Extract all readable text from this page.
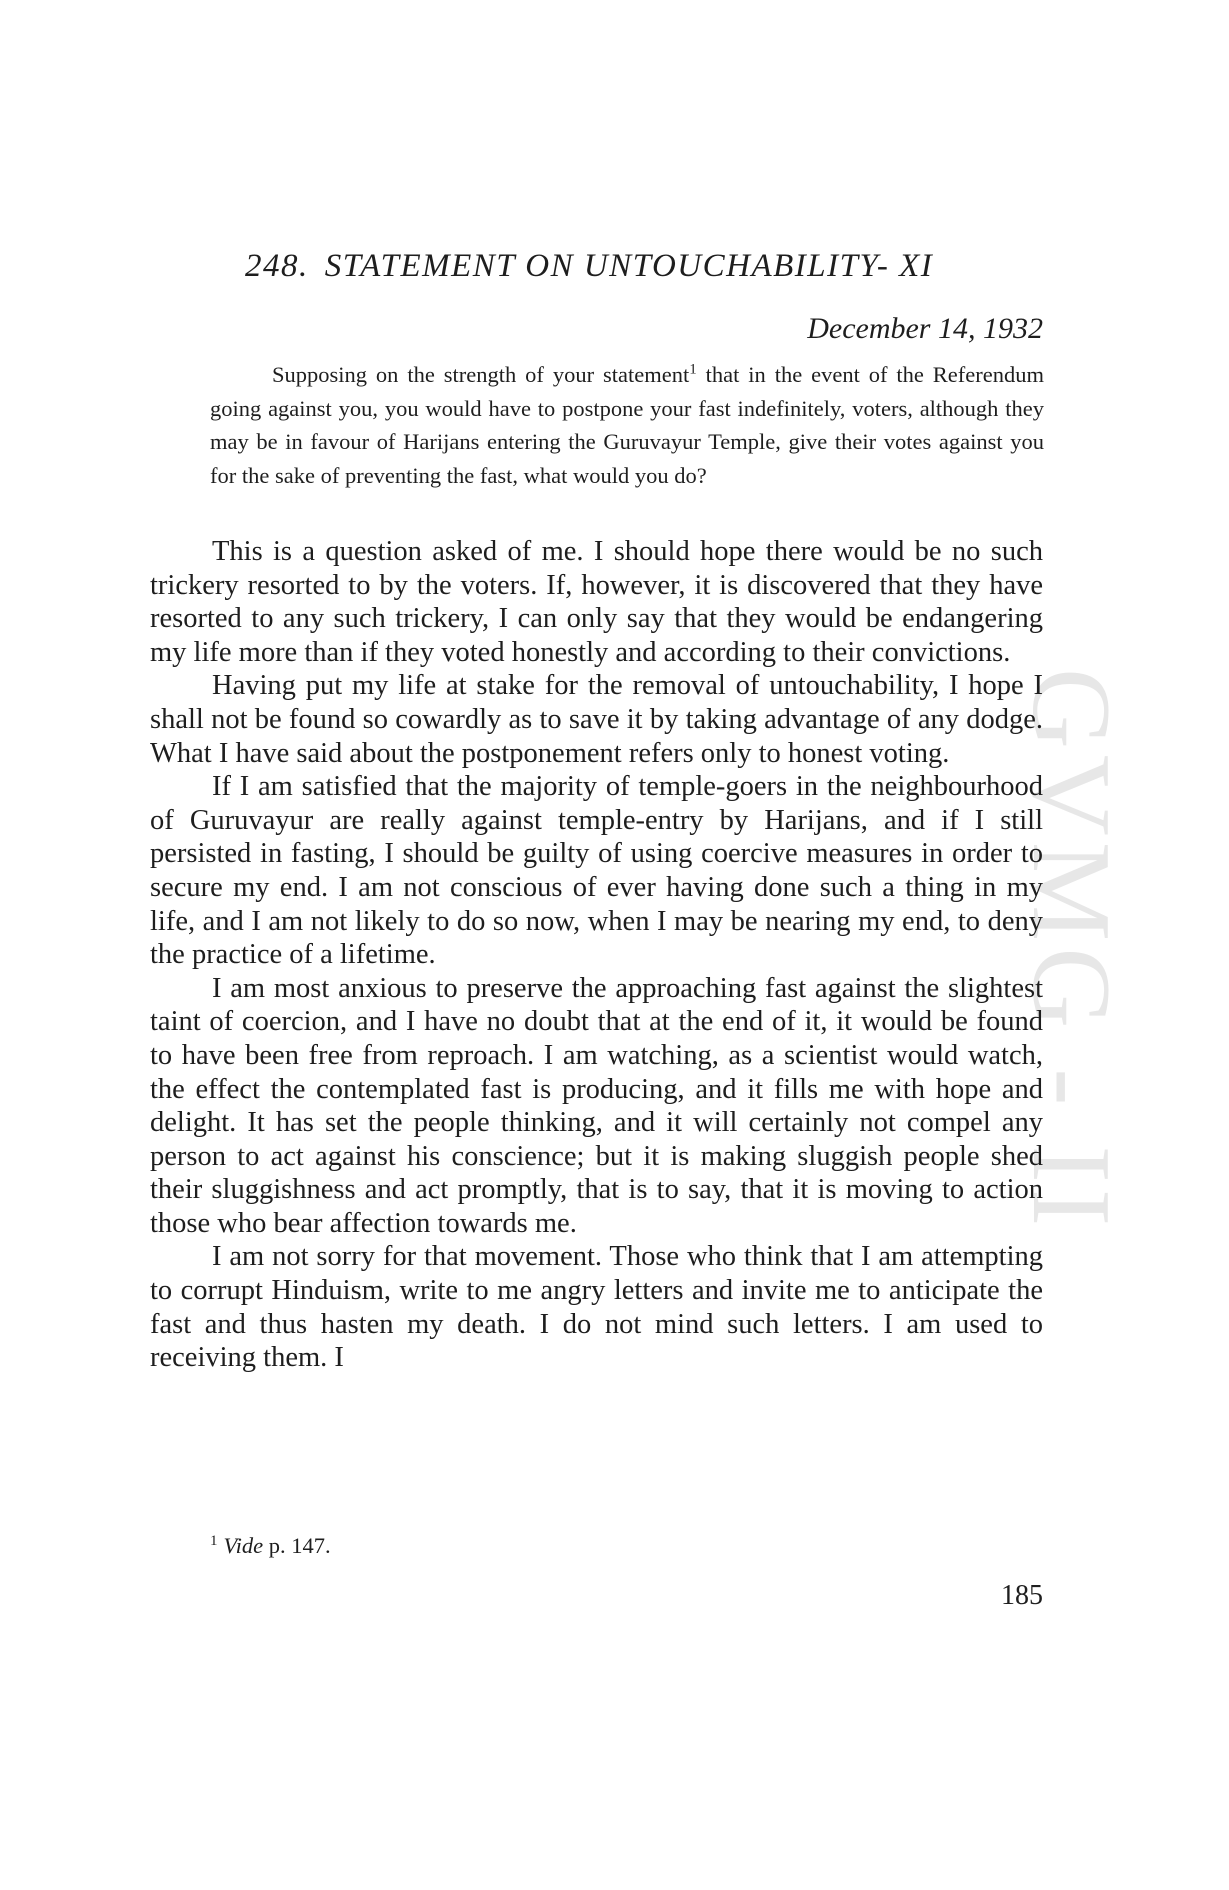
GVMG - II
248. STATEMENT ON UNTOUCHABILITY- XI
December 14, 1932
Supposing on the strength of your statement$^1$ that in the event of the Referendum going against you, you would have to postpone your fast indefinitely, voters, although they may be in favour of Harijans entering the Guruvayur Temple, give their votes against you for the sake of preventing the fast, what would you do?

This is a question asked of me. I should hope there would be no such trickery resorted to by the voters. If, however, it is discovered that they have resorted to any such trickery, I can only say that they would be endangering my life more than if they voted honestly and according to their convictions.

Having put my life at stake for the removal of untouchability, I hope I shall not be found so cowardly as to save it by taking advantage of any dodge. What I have said about the postponement refers only to honest voting.

If I am satisfied that the majority of temple-goers in the neighbourhood of Guruvayur are really against temple-entry by Harijans, and if I still persisted in fasting, I should be guilty of using coercive measures in order to secure my end. I am not conscious of ever having done such a thing in my life, and I am not likely to do so now, when I may be nearing my end, to deny the practice of a lifetime.

I am most anxious to preserve the approaching fast against the slightest taint of coercion, and I have no doubt that at the end of it, it would be found to have been free from reproach. I am watching, as a scientist would watch, the effect the contemplated fast is producing, and it fills me with hope and delight. It has set the people thinking, and it will certainly not compel any person to act against his conscience; but it is making sluggish people shed their sluggishness and act promptly, that is to say, that it is moving to action those who bear affection towards me.

I am not sorry for that movement. Those who think that I am attempting to corrupt Hinduism, write to me angry letters and invite me to anticipate the fast and thus hasten my death. I do not mind such letters. I am used to receiving them. I

$^1$ Vide p. 147.
185
